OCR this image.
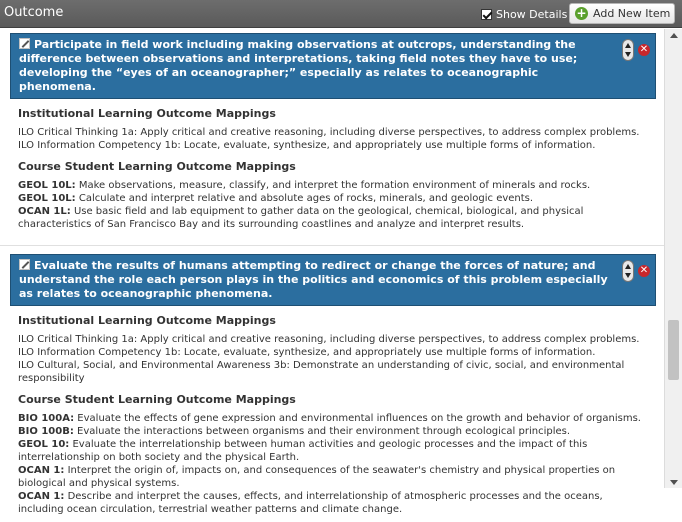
Outcome	Show Details + Add New Item
Participate in field work including making observations at outcrops, understanding the difference between observations and interpretations, taking field notes they have to use; developing the “eyes of an oceanographer;” especially as relates to oceanographic phenomena.
✕
Institutional Learning Outcome Mappings
ILO Critical Thinking 1a: Apply critical and creative reasoning, including diverse perspectives, to address complex problems.
ILO Information Competency 1b: Locate, evaluate, synthesize, and appropriately use multiple forms of information.
Course Student Learning Outcome Mappings
GEOL 10L: Make observations, measure, classify, and interpret the formation environment of minerals and rocks.
GEOL 10L: Calculate and interpret relative and absolute ages of rocks, minerals, and geologic events.
OCAN 1L: Use basic field and lab equipment to gather data on the geological, chemical, biological, and physical characteristics of San Francisco Bay and its surrounding coastlines and analyze and interpret results.
Evaluate the results of humans attempting to redirect or change the forces of nature; and understand the role each person plays in the politics and economics of this problem especially as relates to oceanographic phenomena.
✕
Institutional Learning Outcome Mappings
ILO Critical Thinking 1a: Apply critical and creative reasoning, including diverse perspectives, to address complex problems.
ILO Information Competency 1b: Locate, evaluate, synthesize, and appropriately use multiple forms of information.
ILO Cultural, Social, and Environmental Awareness 3b: Demonstrate an understanding of civic, social, and environmental responsibility
Course Student Learning Outcome Mappings
BIO 100A: Evaluate the effects of gene expression and environmental influences on the growth and behavior of organisms.
BIO 100B: Evaluate the interactions between organisms and their environment through ecological principles.
GEOL 10: Evaluate the interrelationship between human activities and geologic processes and the impact of this interrelationship on both society and the physical Earth.
OCAN 1: Interpret the origin of, impacts on, and consequences of the seawater's chemistry and physical properties on biological and physical systems.
OCAN 1: Describe and interpret the causes, effects, and interrelationship of atmospheric processes and the oceans, including ocean circulation, terrestrial weather patterns and climate change.
